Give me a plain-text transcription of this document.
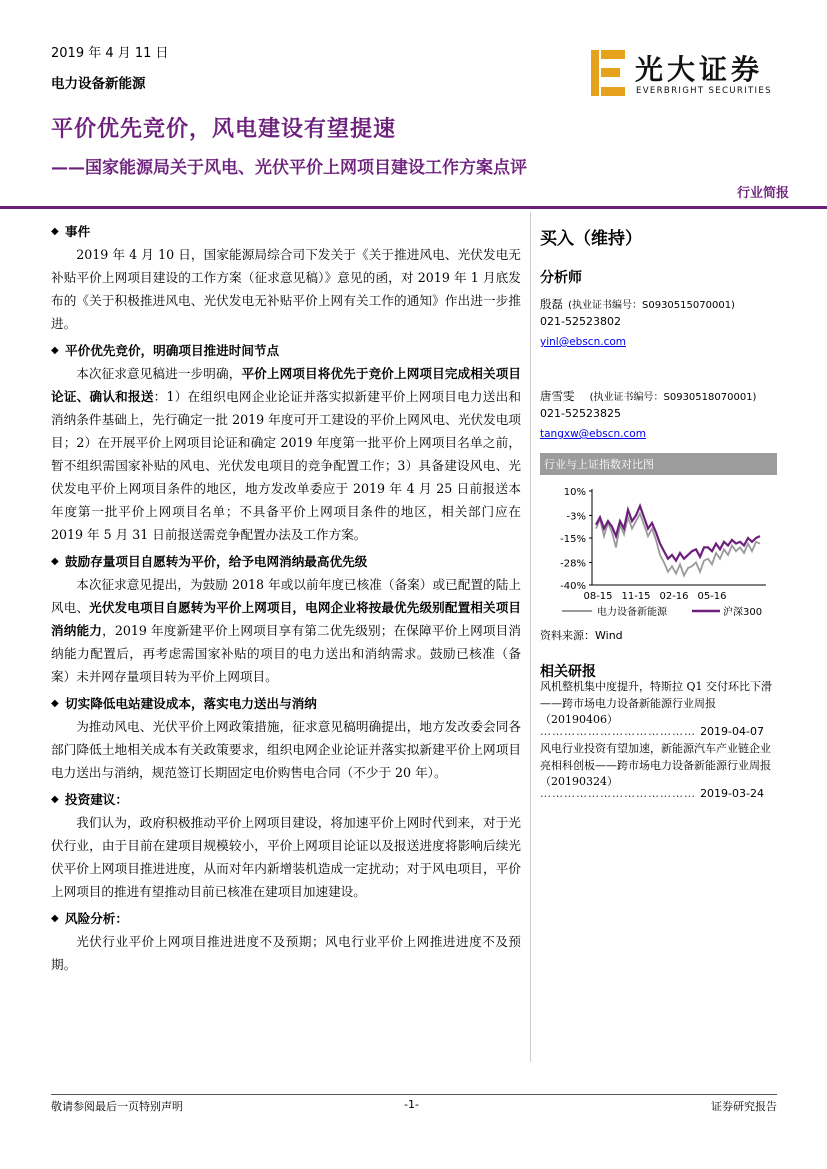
2019 年 4 月 11 日
电力设备新能源	光大证券
EVERBRIGHT SECURITIES
平价优先竞价，风电建设有望提速
——国家能源局关于风电、光伏平价上网项目建设工作方案点评
行业简报
◆ 事件
2019 年 4 月 10 日，国家能源局综合司下发关于《关于推进风电、光伏发电无补贴平价上网项目建设的工作方案（征求意见稿）》意见的函，对 2019 年 1 月底发布的《关于积极推进风电、光伏发电无补贴平价上网有关工作的通知》作出进一步推进。
◆ 平价优先竞价，明确项目推进时间节点
本次征求意见稿进一步明确，平价上网项目将优先于竞价上网项目完成相关项目论证、确认和报送：1）在组织电网企业论证并落实拟新建平价上网项目电力送出和消纳条件基础上，先行确定一批 2019 年度可开工建设的平价上网风电、光伏发电项目；2）在开展平价上网项目论证和确定 2019 年度第一批平价上网项目名单之前，暂不组织需国家补贴的风电、光伏发电项目的竞争配置工作；3）具备建设风电、光伏发电平价上网项目条件的地区，地方发改单委应于 2019 年 4 月 25 日前报送本年度第一批平价上网项目名单；不具备平价上网项目条件的地区，相关部门应在 2019 年 5 月 31 日前报送需竞争配置办法及工作方案。
◆ 鼓励存量项目自愿转为平价，给予电网消纳最高优先级
本次征求意见提出，为鼓励 2018 年或以前年度已核准（备案）或已配置的陆上风电、光伏发电项目自愿转为平价上网项目，电网企业将按最优先级别配置相关项目消纳能力，2019 年度新建平价上网项目享有第二优先级别；在保障平价上网项目消纳能力配置后，再考虑需国家补贴的项目的电力送出和消纳需求。鼓励已核准（备案）未并网存量项目转为平价上网项目。
◆ 切实降低电站建设成本，落实电力送出与消纳
为推动风电、光伏平价上网政策措施，征求意见稿明确提出，地方发改委会同各部门降低土地相关成本有关政策要求，组织电网企业论证并落实拟新建平价上网项目电力送出与消纳，规范签订长期固定电价购售电合同（不少于 20 年）。
◆ 投资建议：
我们认为，政府积极推动平价上网项目建设，将加速平价上网时代到来，对于光伏行业，由于目前在建项目规模较小，平价上网项目论证以及报送进度将影响后续光伏平价上网项目推进进度，从而对年内新增装机造成一定扰动；对于风电项目，平价上网项目的推进有望推动目前已核准在建项目加速建设。
◆ 风险分析：
光伏行业平价上网项目推进进度不及预期；风电行业平价上网推进进度不及预期。
买入（维持）
分析师
殷磊 (执业证书编号：S0930515070001)
021-52523802
yinl@ebscn.com
唐雪雯 (执业证书编号：S0930518070001)
021-52523825
tangxw@ebscn.com
行业与上证指数对比图
10%
-3%
-15%
-28%
-40%
08-15 11-15 02-16 05-16
电力设备新能源	沪深300
资料来源：Wind
相关研报
风机整机集中度提升，特斯拉 Q1 交付环比下滑——跨市场电力设备新能源行业周报（20190406）
………………………………… 2019-04-07
风电行业投资有望加速，新能源汽车产业链企业亮相科创板——跨市场电力设备新能源行业周报（20190324）
………………………………… 2019-03-24
敬请参阅最后一页特别声明	-1-	证券研究报告
